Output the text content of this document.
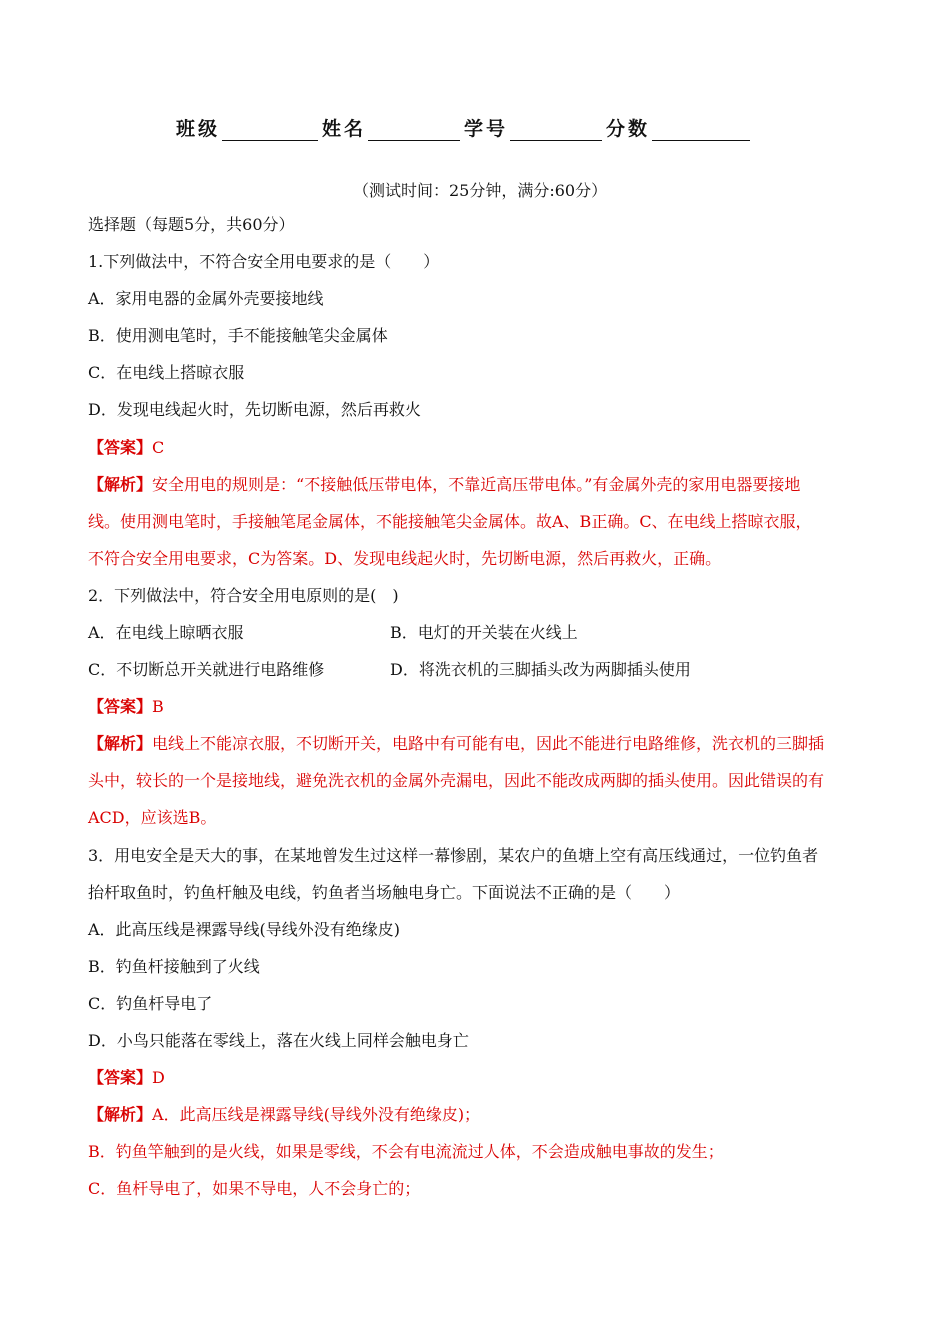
班级	姓名	学号	分数
（测试时间：25分钟，满分:60分）
选择题（每题5分，共60分）
1.下列做法中，不符合安全用电要求的是（　　）
A．家用电器的金属外壳要接地线
B．使用测电笔时，手不能接触笔尖金属体
C．在电线上搭晾衣服
D．发现电线起火时，先切断电源，然后再救火
【答案】C
【解析】安全用电的规则是：“不接触低压带电体，不靠近高压带电体。”有金属外壳的家用电器要接地
线。使用测电笔时，手接触笔尾金属体，不能接触笔尖金属体。故A、B正确。C、在电线上搭晾衣服，
不符合安全用电要求，C为答案。D、发现电线起火时，先切断电源，然后再救火，正确。
2．下列做法中，符合安全用电原则的是(　)
A．在电线上晾晒衣服	B．电灯的开关装在火线上
C．不切断总开关就进行电路维修	D．将洗衣机的三脚插头改为两脚插头使用
【答案】B
【解析】电线上不能凉衣服，不切断开关，电路中有可能有电，因此不能进行电路维修，洗衣机的三脚插
头中，较长的一个是接地线，避免洗衣机的金属外壳漏电，因此不能改成两脚的插头使用。因此错误的有
ACD，应该选B。
3．用电安全是天大的事，在某地曾发生过这样一幕惨剧，某农户的鱼塘上空有高压线通过，一位钓鱼者
抬杆取鱼时，钓鱼杆触及电线，钓鱼者当场触电身亡。下面说法不正确的是（　　）
A．此高压线是裸露导线(导线外没有绝缘皮)
B．钓鱼杆接触到了火线
C．钓鱼杆导电了
D．小鸟只能落在零线上，落在火线上同样会触电身亡
【答案】D
【解析】A．此高压线是裸露导线(导线外没有绝缘皮)；
B．钓鱼竿触到的是火线，如果是零线，不会有电流流过人体，不会造成触电事故的发生；
C．鱼杆导电了，如果不导电，人不会身亡的；
